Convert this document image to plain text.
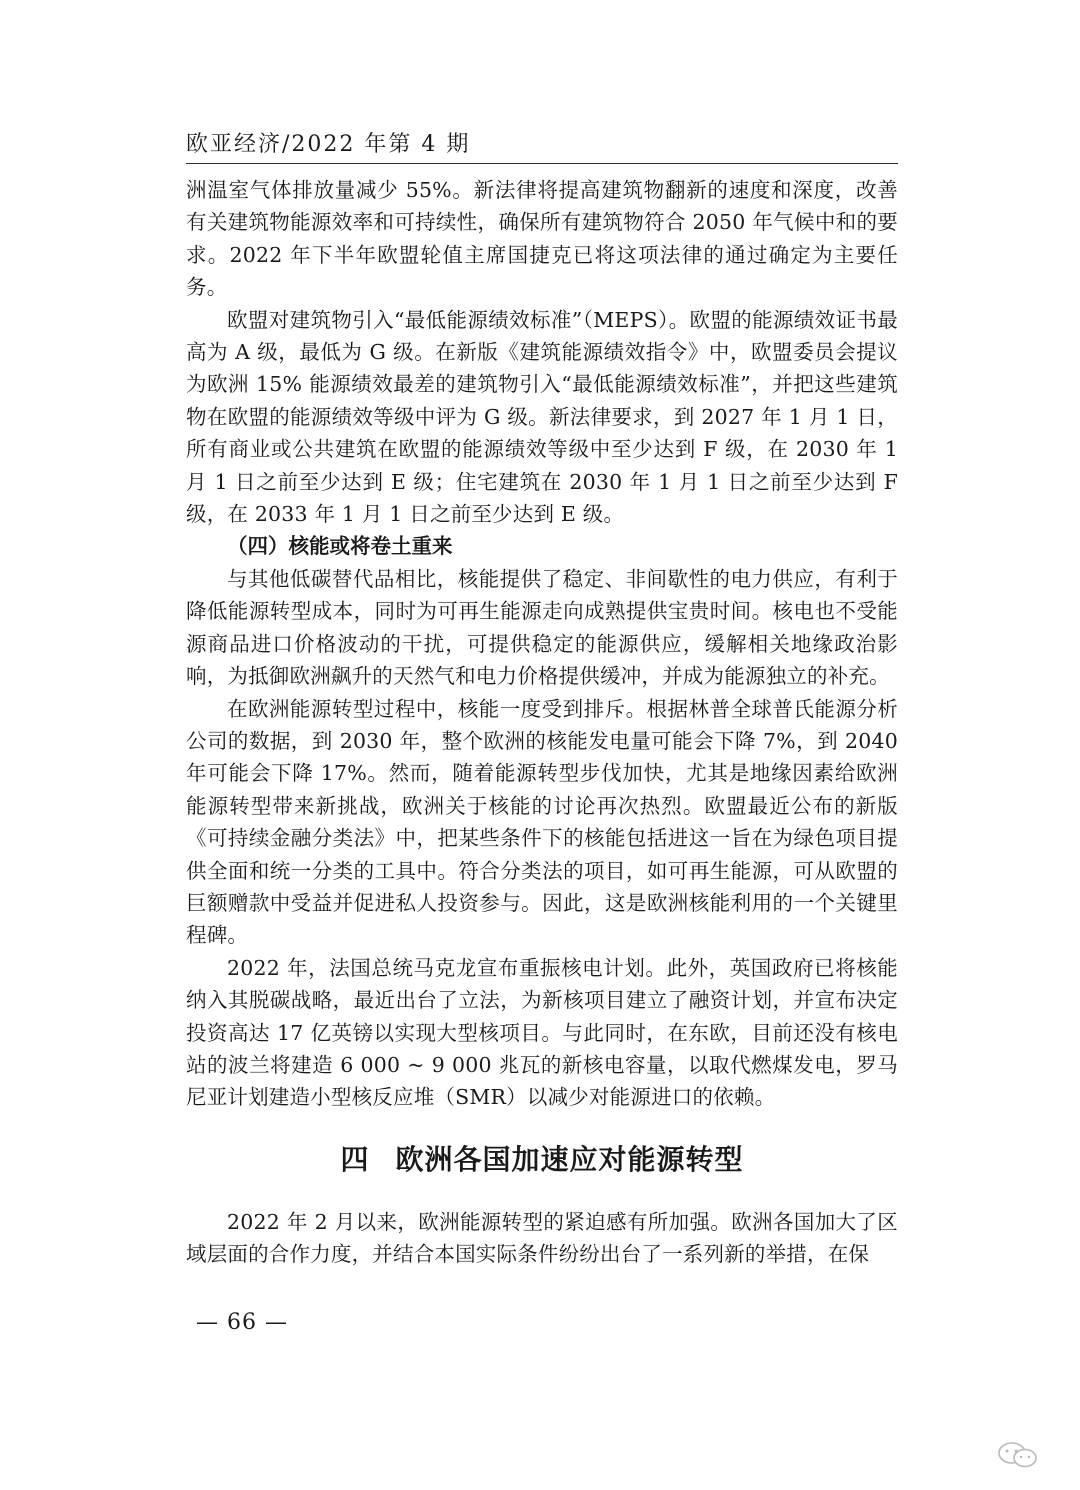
欧亚经济/2022 年第 4 期

洲温室气体排放量减少 55%。新法律将提高建筑物翻新的速度和深度，改善有关建筑物能源效率和可持续性，确保所有建筑物符合 2050 年气候中和的要求。2022 年下半年欧盟轮值主席国捷克已将这项法律的通过确定为主要任务。

欧盟对建筑物引入“最低能源绩效标准”（MEPS）。欧盟的能源绩效证书最高为 A 级，最低为 G 级。在新版《建筑能源绩效指令》中，欧盟委员会提议为欧洲 15% 能源绩效最差的建筑物引入“最低能源绩效标准”，并把这些建筑物在欧盟的能源绩效等级中评为 G 级。新法律要求，到 2027 年 1 月 1 日，所有商业或公共建筑在欧盟的能源绩效等级中至少达到 F 级，在 2030 年 1 月 1 日之前至少达到 E 级；住宅建筑在 2030 年 1 月 1 日之前至少达到 F 级，在 2033 年 1 月 1 日之前至少达到 E 级。

（四）核能或将卷土重来

与其他低碳替代品相比，核能提供了稳定、非间歇性的电力供应，有利于降低能源转型成本，同时为可再生能源走向成熟提供宝贵时间。核电也不受能源商品进口价格波动的干扰，可提供稳定的能源供应，缓解相关地缘政治影响，为抵御欧洲飙升的天然气和电力价格提供缓冲，并成为能源独立的补充。

在欧洲能源转型过程中，核能一度受到排斥。根据林普全球普氏能源分析公司的数据，到 2030 年，整个欧洲的核能发电量可能会下降 7%，到 2040 年可能会下降 17%。然而，随着能源转型步伐加快，尤其是地缘因素给欧洲能源转型带来新挑战，欧洲关于核能的讨论再次热烈。欧盟最近公布的新版《可持续金融分类法》中，把某些条件下的核能包括进这一旨在为绿色项目提供全面和统一分类的工具中。符合分类法的项目，如可再生能源，可从欧盟的巨额赠款中受益并促进私人投资参与。因此，这是欧洲核能利用的一个关键里程碑。

2022 年，法国总统马克龙宣布重振核电计划。此外，英国政府已将核能纳入其脱碳战略，最近出台了立法，为新核项目建立了融资计划，并宣布决定投资高达 17 亿英镑以实现大型核项目。与此同时，在东欧，目前还没有核电站的波兰将建造 6 000 ~ 9 000 兆瓦的新核电容量，以取代燃煤发电，罗马尼亚计划建造小型核反应堆（SMR）以减少对能源进口的依赖。

四 欧洲各国加速应对能源转型

2022 年 2 月以来，欧洲能源转型的紧迫感有所加强。欧洲各国加大了区域层面的合作力度，并结合本国实际条件纷纷出台了一系列新的举措，在保

— 66 —
